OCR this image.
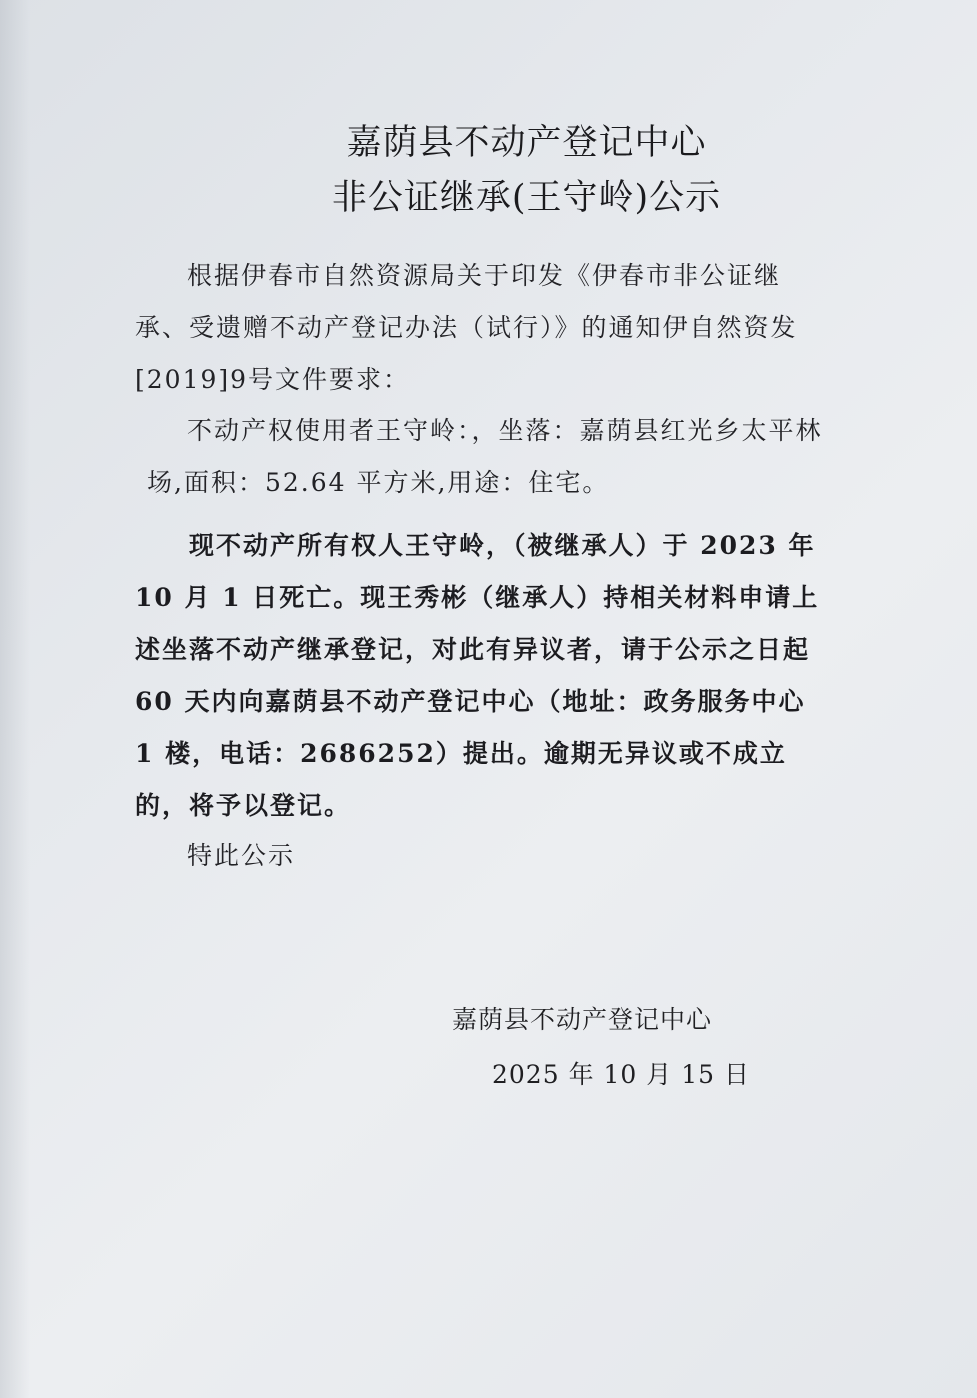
嘉荫县不动产登记中心
非公证继承(王守岭)公示
根据伊春市自然资源局关于印发《伊春市非公证继承、受遗赠不动产登记办法（试行）》的通知伊自然资发[2019]9号文件要求：
不动产权使用者王守岭：，坐落：嘉荫县红光乡太平林
场,面积：52.64 平方米,用途：住宅。
现不动产所有权人王守岭，（被继承人）于 2023 年 10 月 1 日死亡。现王秀彬（继承人）持相关材料申请上述坐落不动产继承登记，对此有异议者，请于公示之日起 60 天内向嘉荫县不动产登记中心（地址：政务服务中心 1 楼，电话：2686252）提出。逾期无异议或不成立的，将予以登记。
特此公示
嘉荫县不动产登记中心
2025 年 10 月 15 日
